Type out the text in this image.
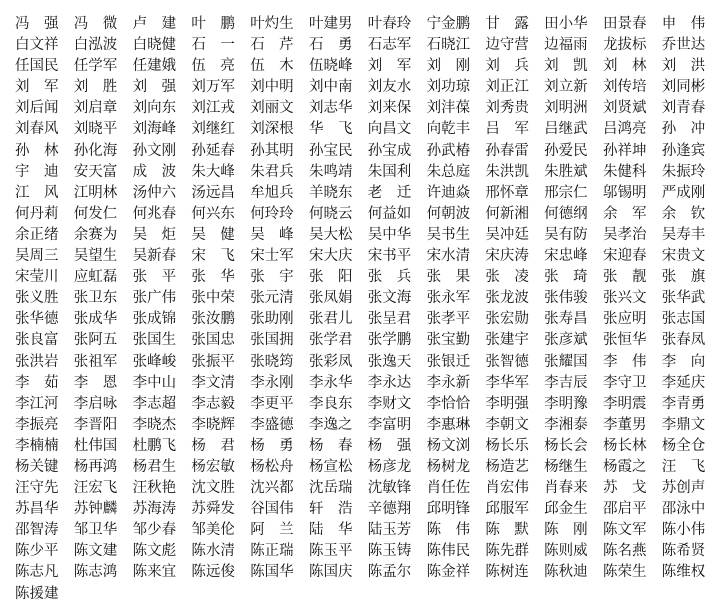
冯　强	冯　微	卢　建	叶　鹏	叶灼生	叶建男	叶春玲	宁金鹏	甘　露	田小华	田景春	申　伟
白文祥	白泓波	白晓健	石　一	石　芹	石　勇	石志军	石晓江	边守营	边福雨	龙拔标	乔世达
任国民	任学军	任建娥	伍　亮	伍　木	伍晓峰	刘　军	刘　刚	刘　兵	刘　凯	刘　林	刘　洪
刘　军	刘　胜	刘　强	刘万军	刘中明	刘中南	刘友水	刘功琼	刘正江	刘立新	刘传培	刘同彬
刘后闻	刘启章	刘向东	刘江戎	刘丽文	刘志华	刘来保	刘沣葆	刘秀贵	刘明洲	刘贤斌	刘青春
刘春风	刘晓平	刘海峰	刘继红	刘深根	华　飞	向昌文	向乾丰	吕　军	吕继武	吕鸿亮	孙　冲
孙　林	孙化海	孙文刚	孙延春	孙其明	孙宝民	孙宝成	孙武椿	孙春雷	孙爱民	孙祥坤	孙逢宾
宇　迪	安天富	成　波	朱大峰	朱君兵	朱鸣靖	朱国利	朱总庭	朱洪凯	朱胜斌	朱健科	朱振玲
江　风	江明林	汤仲六	汤远昌	牟旭兵	羊晓东	老　迁	许迪焱	邢怀章	邢宗仁	邬锡明	严成刚
何丹莉	何发仁	何兆春	何兴东	何玲玲	何晓云	何益如	何朝波	何新湘	何德纲	余　军	余　钦
余正绪	余赛为	吴　炬	吴　健	吴　峰	吴大松	吴中华	吴书生	吴冲廷	吴有防	吴孝治	吴寿丰
吴周三	吴望生	吴新春	宋　飞	宋士军	宋大庆	宋书平	宋水清	宋庆涛	宋忠峰	宋迎春	宋贵文
宋莹川	应虹磊	张　平	张　华	张　宇	张　阳	张　兵	张　果	张　凌	张　琦	张　靓	张　旗
张义胜	张卫东	张广伟	张中荣	张元清	张凤娟	张文海	张永军	张龙波	张伟骏	张兴文	张华武
张华德	张成华	张成锦	张汝鹏	张助刚	张君儿	张呈君	张孝平	张宏勋	张寿昌	张应明	张志国
张良富	张阿五	张国生	张国忠	张国拥	张学君	张学鹏	张宝勤	张建宇	张彦斌	张恒华	张春凤
张洪岩	张祖军	张峰峻	张振平	张晓筠	张彩凤	张逸天	张银迁	张智德	张耀国	李　伟	李　向
李　茹	李　恩	李中山	李文清	李永刚	李永华	李永达	李永新	李华军	李吉辰	李守卫	李延庆
李江河	李启咏	李志超	李志毅	李更平	李良东	李财文	李恰恰	李明强	李明豫	李明震	李青勇
李振亮	李晋阳	李晓杰	李晓辉	李盛德	李逸之	李富明	李惠琳	李朝文	李湘泰	李董男	李鼎文
李楠楠	杜伟国	杜鹏飞	杨　君	杨　勇	杨　春	杨　强	杨文浏	杨长乐	杨长会	杨长林	杨全仓
杨关键	杨再鸿	杨君生	杨宏敏	杨松舟	杨宣松	杨彦龙	杨树龙	杨造艺	杨继生	杨霞之	汪　飞
汪守先	汪宏飞	汪秋艳	沈文胜	沈兴都	沈岳瑞	沈敏锋	肖任佐	肖宏伟	肖春来	苏　戈	苏创声
苏昌华	苏钟麟	苏海涛	苏舜发	谷国伟	轩　浩	辛德翔	邱明锋	邱服军	邱金生	邵启平	邵泳中
邵智涛	邹卫华	邹少春	邹美伦	阿　兰	陆　华	陆玉芳	陈　伟	陈　默	陈　刚	陈文军	陈小伟
陈少平	陈文建	陈文彪	陈水清	陈正瑞	陈玉平	陈玉铸	陈伟民	陈先群	陈则威	陈名燕	陈希贤
陈志凡	陈志鸿	陈来宜	陈远俊	陈国华	陈国庆	陈孟尔	陈金祥	陈树连	陈秋迪	陈荣生	陈维权
陈援建
